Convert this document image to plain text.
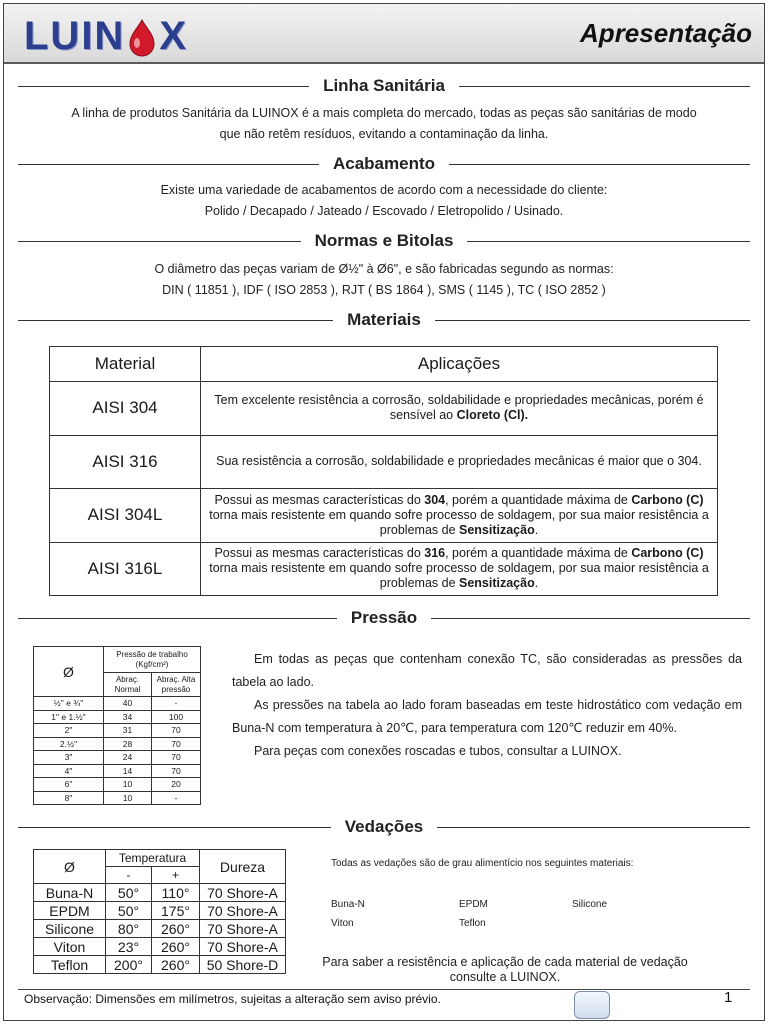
LUIN X	Apresentação
Linha Sanitária
A linha de produtos Sanitária da LUINOX é a mais completa do mercado, todas as peças são sanitárias de modo
que não retêm resíduos, evitando a contaminação da linha.
Acabamento
Existe uma variedade de acabamentos de acordo com a necessidade do cliente:
Polido / Decapado / Jateado / Escovado / Eletropolido / Usinado.
Normas e Bitolas
O diâmetro das peças variam de Ø½" à Ø6", e são fabricadas segundo as normas:
DIN ( 11851 ), IDF ( ISO 2853 ), RJT ( BS 1864 ), SMS ( 1145 ), TC ( ISO 2852 )
Materiais
Material	Aplicações
AISI 304	Tem excelente resistência a corrosão, soldabilidade e propriedades mecânicas, porém é sensível ao Cloreto (Cl).
AISI 316	Sua resistência a corrosão, soldabilidade e propriedades mecânicas é maior que o 304.
AISI 304L	Possui as mesmas características do 304, porém a quantidade máxima de Carbono (C) torna mais resistente em quando sofre processo de soldagem, por sua maior resistência a problemas de Sensitização.
AISI 316L	Possui as mesmas características do 316, porém a quantidade máxima de Carbono (C) torna mais resistente em quando sofre processo de soldagem, por sua maior resistência a problemas de Sensitização.
Pressão
Ø	Pressão de trabalho (Kgf/cm²)	
	Abraç. Normal	Abraç. Alta pressão
½" e ¾"	40	-
1" e 1.½"	34	100
2"	31	70
2.½"	28	70
3"	24	70
4"	14	70
6"	10	20
8"	10	-

Em todas as peças que contenham conexão TC, são consideradas as pressões da tabela ao lado.

As pressões na tabela ao lado foram baseadas em teste hidrostático com vedação em Buna-N com temperatura à 20℃, para temperatura com 120℃ reduzir em 40%.

Para peças com conexões roscadas e tubos, consultar a LUINOX.

Vedações
Ø	Temperatura		Dureza
	-	+	
Buna-N	50°	110°	70 Shore-A
EPDM	50°	175°	70 Shore-A
Silicone	80°	260°	70 Shore-A
Viton	23°	260°	70 Shore-A
Teflon	200°	260°	50 Shore-D
Todas as vedações são de grau alimentício nos seguintes materiais:
Buna-N	EPDM	Silicone
Viton	Teflon
Para saber a resistência e aplicação de cada material de vedação consulte a LUINOX.
Observação: Dimensões em milímetros, sujeitas a alteração sem aviso prévio.	1
